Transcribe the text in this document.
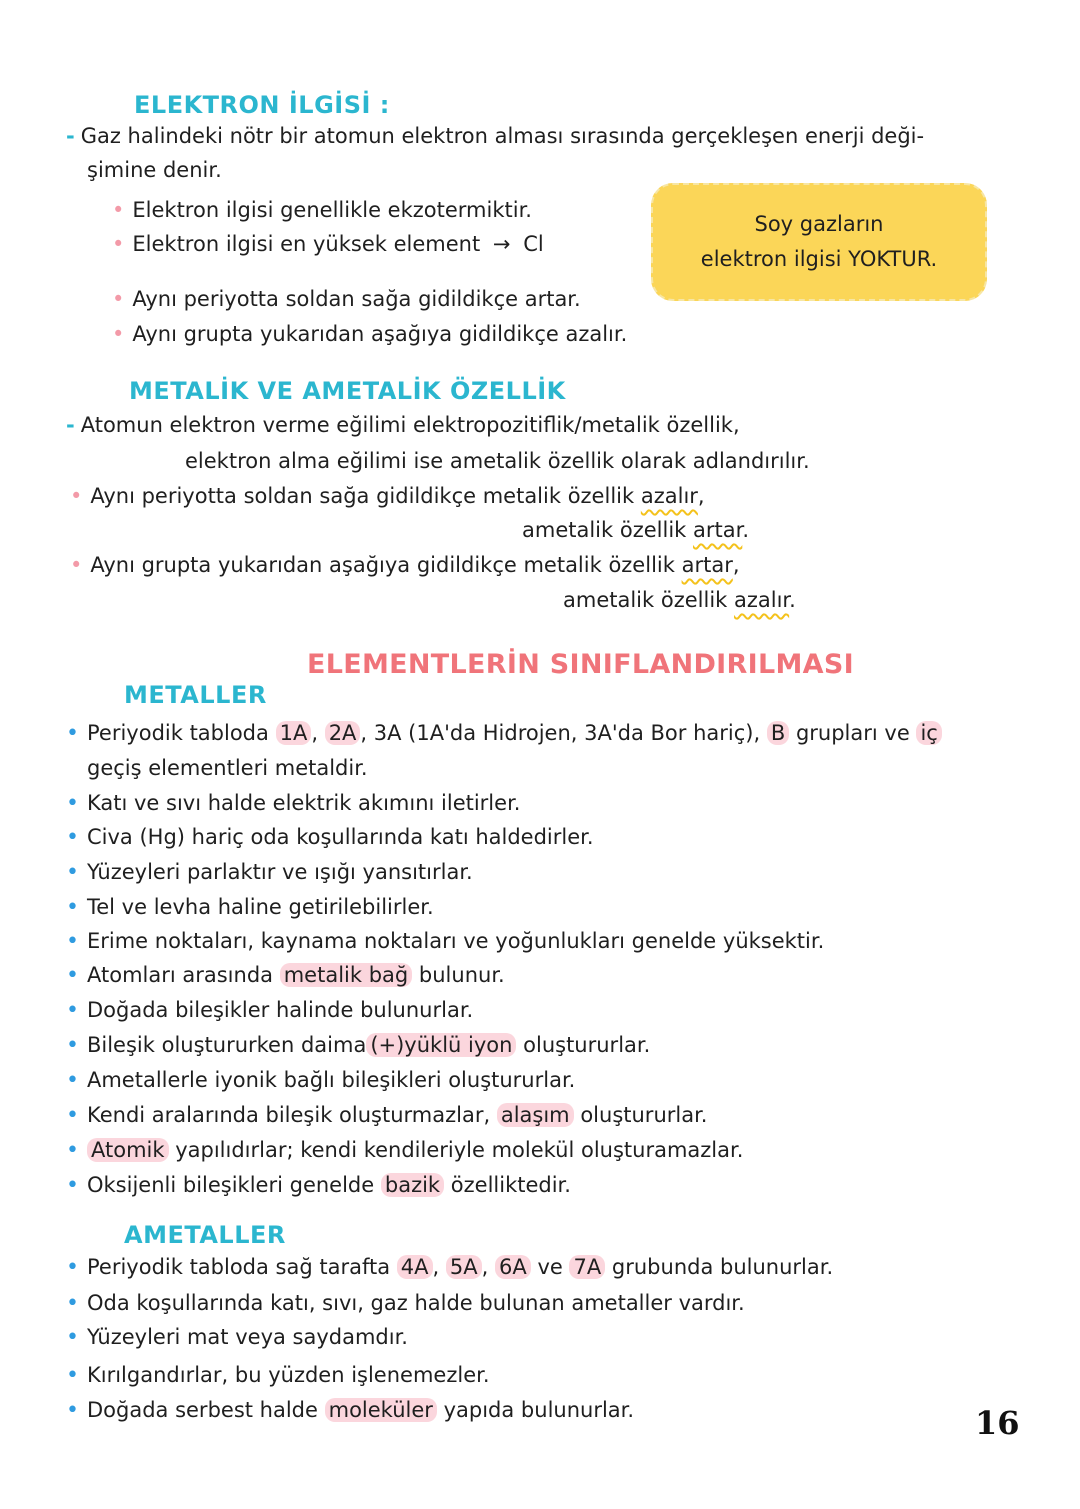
ELEKTRON İLGİSİ :
- Gaz halindeki nötr bir atomun elektron alması sırasında gerçekleşen enerji deği-
şimine denir.
• Elektron ilgisi genellikle ekzotermiktir.
• Elektron ilgisi en yüksek element → Cl
• Aynı periyotta soldan sağa gidildikçe artar.
• Aynı grupta yukarıdan aşağıya gidildikçe azalır.
Soy gazların
elektron ilgisi YOKTUR.
METALİK VE AMETALİK ÖZELLİK
- Atomun elektron verme eğilimi elektropozitiflik/metalik özellik,
elektron alma eğilimi ise ametalik özellik olarak adlandırılır.
• Aynı periyotta soldan sağa gidildikçe metalik özellik azalır,
ametalik özellik artar.
• Aynı grupta yukarıdan aşağıya gidildikçe metalik özellik artar,
ametalik özellik azalır.
ELEMENTLERİN SINIFLANDIRILMASI
METALLER
• Periyodik tabloda 1A , 2A , 3A (1A'da Hidrojen, 3A'da Bor hariç), B grupları ve iç
geçiş elementleri metaldir.
• Katı ve sıvı halde elektrik akımını iletirler.
• Civa (Hg) hariç oda koşullarında katı haldedirler.
• Yüzeyleri parlaktır ve ışığı yansıtırlar.
• Tel ve levha haline getirilebilirler.
• Erime noktaları, kaynama noktaları ve yoğunlukları genelde yüksektir.
• Atomları arasında metalik bağ bulunur.
• Doğada bileşikler halinde bulunurlar.
• Bileşik oluştururken daima (+)yüklü iyon oluştururlar.
• Ametallerle iyonik bağlı bileşikleri oluştururlar.
• Kendi aralarında bileşik oluşturmazlar, alaşım oluştururlar.
• Atomik yapılıdırlar; kendi kendileriyle molekül oluşturamazlar.
• Oksijenli bileşikleri genelde bazik özelliktedir.
AMETALLER
• Periyodik tabloda sağ tarafta 4A , 5A , 6A ve 7A grubunda bulunurlar.
• Oda koşullarında katı, sıvı, gaz halde bulunan ametaller vardır.
• Yüzeyleri mat veya saydamdır.
• Kırılgandırlar, bu yüzden işlenemezler.
• Doğada serbest halde moleküler yapıda bulunurlar.	16
